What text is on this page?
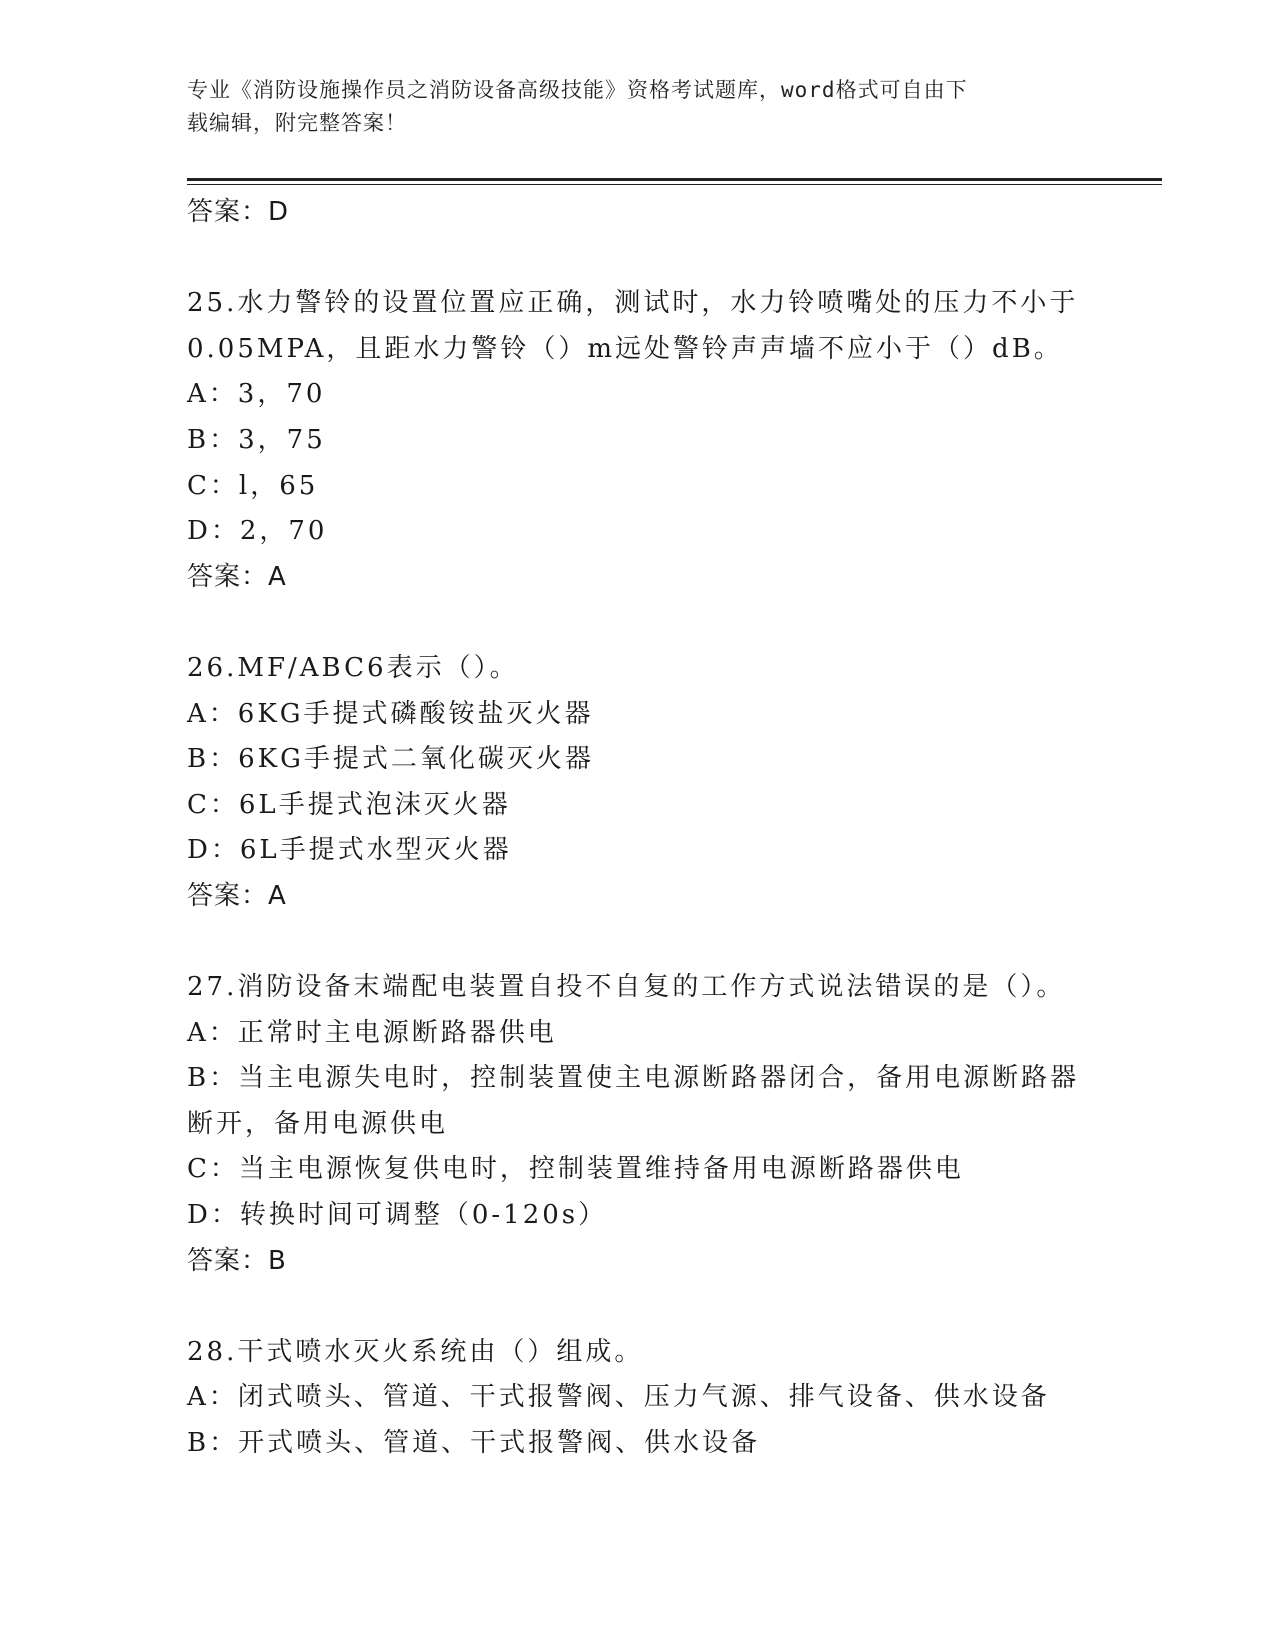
专业《消防设施操作员之消防设备高级技能》资格考试题库，word格式可自由下
载编辑，附完整答案！
答案：D
25.水力警铃的设置位置应正确，测试时，水力铃喷嘴处的压力不小于
0.05MPA，且距水力警铃（）m远处警铃声声墙不应小于（）dB。
A：3，70
B：3，75
C：l，65
D：2，70
答案：A
26.MF/ABC6表示（）。
A：6KG手提式磷酸铵盐灭火器
B：6KG手提式二氧化碳灭火器
C：6L手提式泡沫灭火器
D：6L手提式水型灭火器
答案：A
27.消防设备末端配电装置自投不自复的工作方式说法错误的是（）。
A：正常时主电源断路器供电
B：当主电源失电时，控制装置使主电源断路器闭合，备用电源断路器
断开，备用电源供电
C：当主电源恢复供电时，控制装置维持备用电源断路器供电
D：转换时间可调整（0-120s）
答案：B
28.干式喷水灭火系统由（）组成。
A：闭式喷头、管道、干式报警阀、压力气源、排气设备、供水设备
B：开式喷头、管道、干式报警阀、供水设备
